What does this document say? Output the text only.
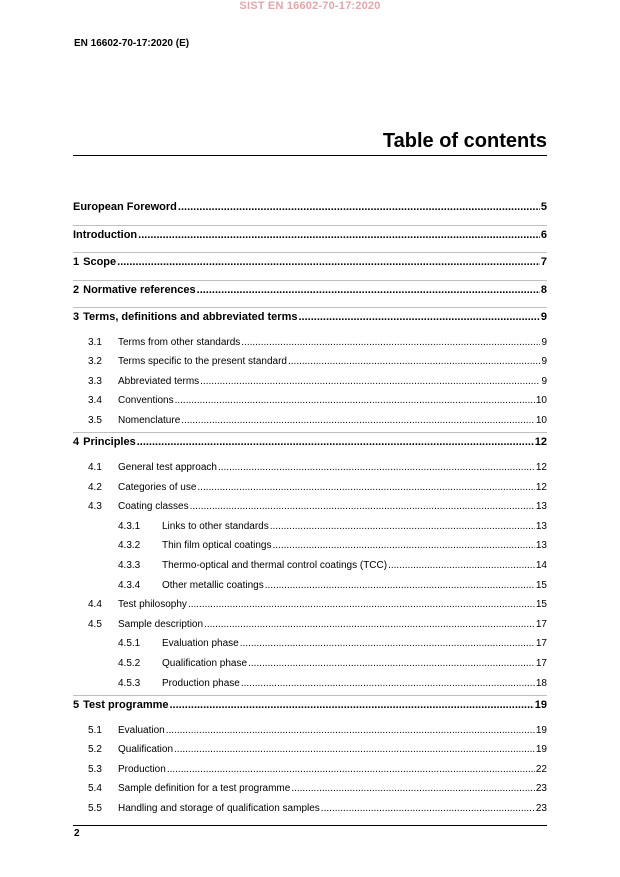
SIST EN 16602-70-17:2020
EN 16602-70-17:2020 (E)
Table of contents
European Foreword .....	5
Introduction .....	6
1 Scope .....	7
2 Normative references .....	8
3 Terms, definitions and abbreviated terms .....	9
3.1	Terms from other standards .....	9
3.2	Terms specific to the present standard .....	9
3.3	Abbreviated terms .....	9
3.4	Conventions .....	10
3.5	Nomenclature .....	10
4 Principles .....	12
4.1	General test approach .....	12
4.2	Categories of use .....	12
4.3	Coating classes .....	13
4.3.1	Links to other standards .....	13
4.3.2	Thin film optical coatings .....	13
4.3.3	Thermo-optical and thermal control coatings (TCC) .....	14
4.3.4	Other metallic coatings .....	15
4.4	Test philosophy .....	15
4.5	Sample description .....	17
4.5.1	Evaluation phase .....	17
4.5.2	Qualification phase .....	17
4.5.3	Production phase .....	18
5 Test programme .....	19
5.1	Evaluation .....	19
5.2	Qualification .....	19
5.3	Production .....	22
5.4	Sample definition for a test programme .....	23
5.5	Handling and storage of qualification samples .....	23
2
